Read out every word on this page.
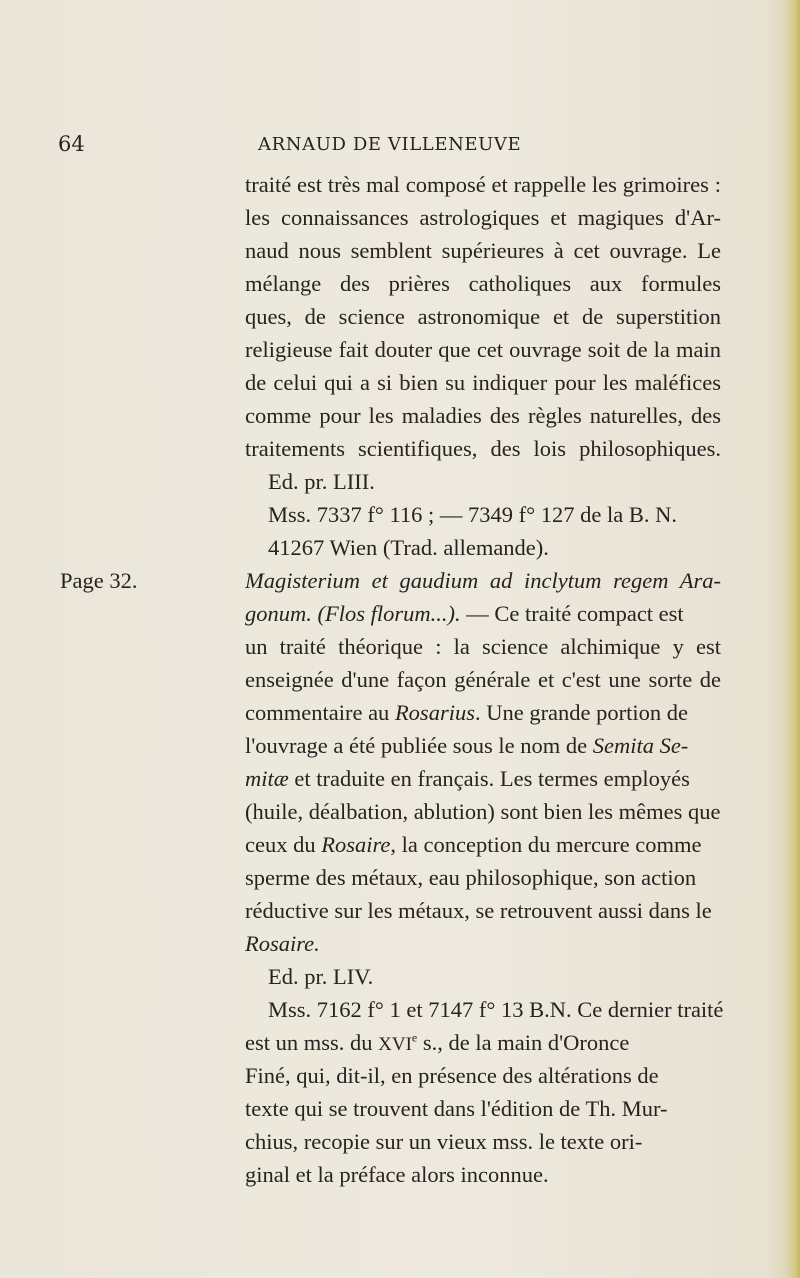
64	ARNAUD DE VILLENEUVE
traité est très mal composé et rappelle les grimoires :
les connaissances astrologiques et magiques d'Ar-
naud nous semblent supérieures à cet ouvrage. Le
mélange des prières catholiques aux formules
ques, de science astronomique et de superstition
religieuse fait douter que cet ouvrage soit de la main
de celui qui a si bien su indiquer pour les maléfices
comme pour les maladies des règles naturelles, des
traitements scientifiques, des lois philosophiques.
Ed. pr. LIII.
Mss. 7337 f° 116 ; — 7349 f° 127 de la B. N.
41267 Wien (Trad. allemande).
Page 32.	Magisterium et gaudium ad inclytum regem Ara-
gonum. (Flos florum...). — Ce traité compact est
un traité théorique : la science alchimique y est
enseignée d'une façon générale et c'est une sorte de
commentaire au Rosarius. Une grande portion de
l'ouvrage a été publiée sous le nom de Semita Se-
mitæ et traduite en français. Les termes employés
(huile, déalbation, ablution) sont bien les mêmes que
ceux du Rosaire, la conception du mercure comme
sperme des métaux, eau philosophique, son action
réductive sur les métaux, se retrouvent aussi dans le
Rosaire.
Ed. pr. LIV.
Mss. 7162 f° 1 et 7147 f° 13 B.N. Ce dernier traité
est un mss. du XVIe s., de la main d'Oronce
Finé, qui, dit-il, en présence des altérations de
texte qui se trouvent dans l'édition de Th. Mur-
chius, recopie sur un vieux mss. le texte ori-
ginal et la préface alors inconnue.
